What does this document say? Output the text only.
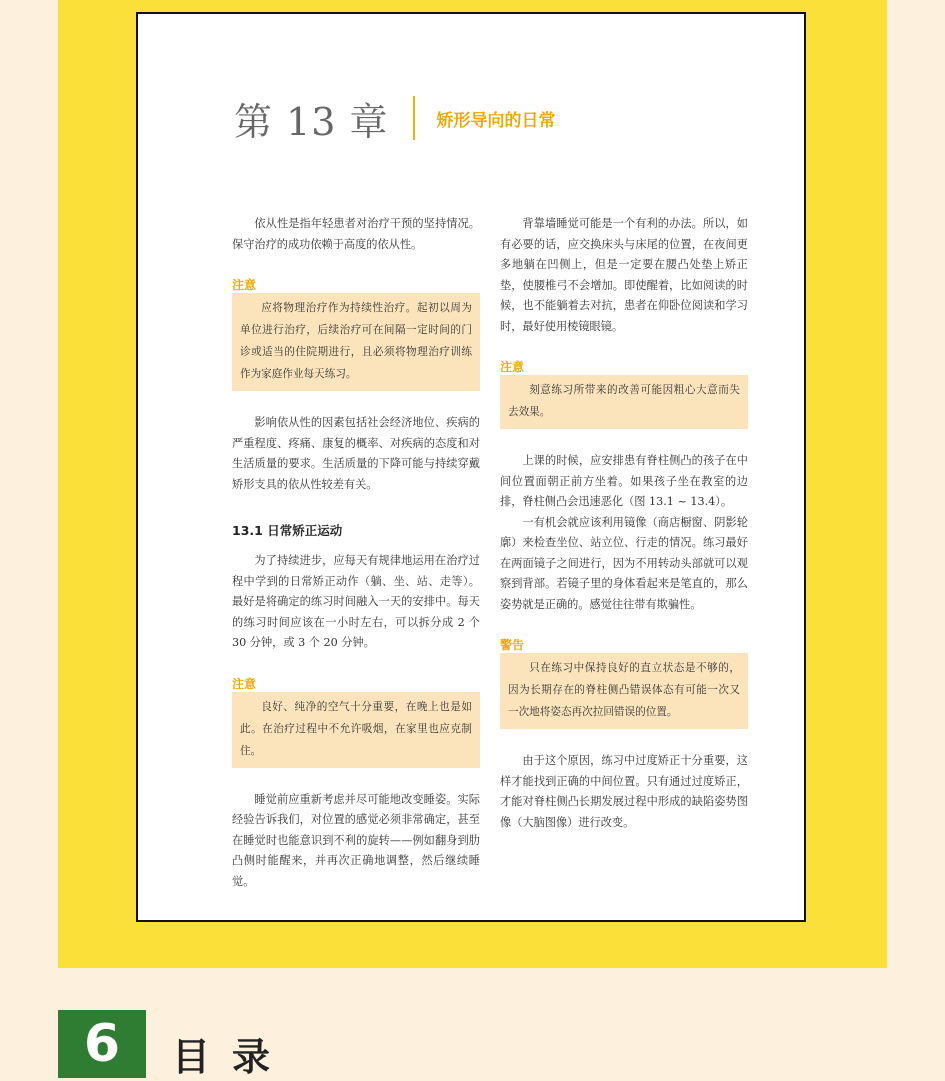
第 13 章	矫形导向的日常

依从性是指年轻患者对治疗干预的坚持情况。保守治疗的成功依赖于高度的依从性。

注意

应将物理治疗作为持续性治疗。起初以周为单位进行治疗，后续治疗可在间隔一定时间的门诊或适当的住院期进行，且必须将物理治疗训练作为家庭作业每天练习。

影响依从性的因素包括社会经济地位、疾病的严重程度、疼痛、康复的概率、对疾病的态度和对生活质量的要求。生活质量的下降可能与持续穿戴矫形支具的依从性较差有关。

13.1 日常矫正运动

为了持续进步，应每天有规律地运用在治疗过程中学到的日常矫正动作（躺、坐、站、走等）。最好是将确定的练习时间融入一天的安排中。每天的练习时间应该在一小时左右，可以拆分成 2 个 30 分钟，或 3 个 20 分钟。

注意

良好、纯净的空气十分重要，在晚上也是如此。在治疗过程中不允许吸烟，在家里也应克制住。

睡觉前应重新考虑并尽可能地改变睡姿。实际经验告诉我们，对位置的感觉必须非常确定，甚至在睡觉时也能意识到不利的旋转——例如翻身到肋凸侧时能醒来，并再次正确地调整，然后继续睡觉。

背靠墙睡觉可能是一个有利的办法。所以，如有必要的话，应交换床头与床尾的位置，在夜间更多地躺在凹侧上，但是一定要在腰凸处垫上矫正垫，使腰椎弓不会增加。即使醒着，比如阅读的时候，也不能躺着去对抗，患者在仰卧位阅读和学习时，最好使用棱镜眼镜。

注意

刻意练习所带来的改善可能因粗心大意而失去效果。

上课的时候，应安排患有脊柱侧凸的孩子在中间位置面朝正前方坐着。如果孩子坐在教室的边排，脊柱侧凸会迅速恶化（图 13.1 ~ 13.4）。

一有机会就应该利用镜像（商店橱窗、阴影轮廓）来检查坐位、站立位、行走的情况。练习最好在两面镜子之间进行，因为不用转动头部就可以观察到背部。若镜子里的身体看起来是笔直的，那么姿势就是正确的。感觉往往带有欺骗性。

警告

只在练习中保持良好的直立状态是不够的，因为长期存在的脊柱侧凸错误体态有可能一次又一次地将姿态再次拉回错误的位置。

由于这个原因，练习中过度矫正十分重要，这样才能找到正确的中间位置。只有通过过度矫正，才能对脊柱侧凸长期发展过程中形成的缺陷姿势图像（大脑图像）进行改变。

6	目录
